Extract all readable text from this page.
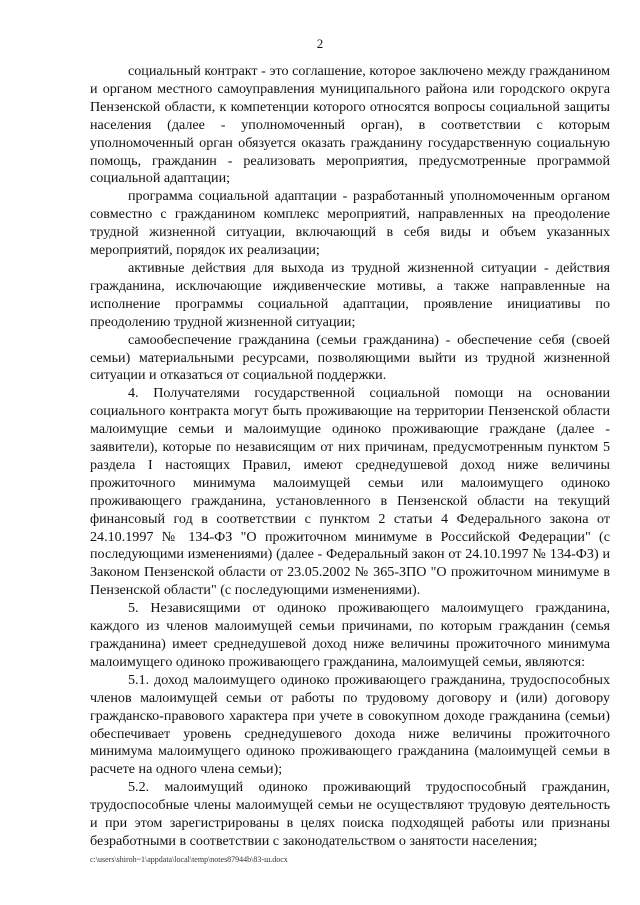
2

социальный контракт - это соглашение, которое заключено между гражданином и органом местного самоуправления муниципального района или городского округа Пензенской области, к компетенции которого относятся вопросы социальной защиты населения (далее - уполномоченный орган), в соответствии с которым уполномоченный орган обязуется оказать гражданину государственную социальную помощь, гражданин - реализовать мероприятия, предусмотренные программой социальной адаптации;

программа социальной адаптации - разработанный уполномоченным органом совместно с гражданином комплекс мероприятий, направленных на преодоление трудной жизненной ситуации, включающий в себя виды и объем указанных мероприятий, порядок их реализации;

активные действия для выхода из трудной жизненной ситуации - действия гражданина, исключающие иждивенческие мотивы, а также направленные на исполнение программы социальной адаптации, проявление инициативы по преодолению трудной жизненной ситуации;

самообеспечение гражданина (семьи гражданина) - обеспечение себя (своей семьи) материальными ресурсами, позволяющими выйти из трудной жизненной ситуации и отказаться от социальной поддержки.

4. Получателями государственной социальной помощи на основании социального контракта могут быть проживающие на территории Пензенской области малоимущие семьи и малоимущие одиноко проживающие граждане (далее - заявители), которые по независящим от них причинам, предусмотренным пунктом 5 раздела I настоящих Правил, имеют среднедушевой доход ниже величины прожиточного минимума малоимущей семьи или малоимущего одиноко проживающего гражданина, установленного в Пензенской области на текущий финансовый год в соответствии с пунктом 2 статьи 4 Федерального закона от 24.10.1997 № 134-ФЗ "О прожиточном минимуме в Российской Федерации" (с последующими изменениями) (далее - Федеральный закон от 24.10.1997 № 134-ФЗ) и Законом Пензенской области от 23.05.2002 № 365-ЗПО "О прожиточном минимуме в Пензенской области" (с последующими изменениями).

5. Независящими от одиноко проживающего малоимущего гражданина, каждого из членов малоимущей семьи причинами, по которым гражданин (семья гражданина) имеет среднедушевой доход ниже величины прожиточного минимума малоимущего одиноко проживающего гражданина, малоимущей семьи, являются:

5.1. доход малоимущего одиноко проживающего гражданина, трудоспособных членов малоимущей семьи от работы по трудовому договору и (или) договору гражданско-правового характера при учете в совокупном доходе гражданина (семьи) обеспечивает уровень среднедушевого дохода ниже величины прожиточного минимума малоимущего одиноко проживающего гражданина (малоимущей семьи в расчете на одного члена семьи);

5.2. малоимущий одиноко проживающий трудоспособный гражданин, трудоспособные члены малоимущей семьи не осуществляют трудовую деятельность и при этом зарегистрированы в целях поиска подходящей работы или признаны безработными в соответствии с законодательством о занятости населения;

c:\users\shiroh~1\appdata\local\temp\notes87944b\83-ш.docx
